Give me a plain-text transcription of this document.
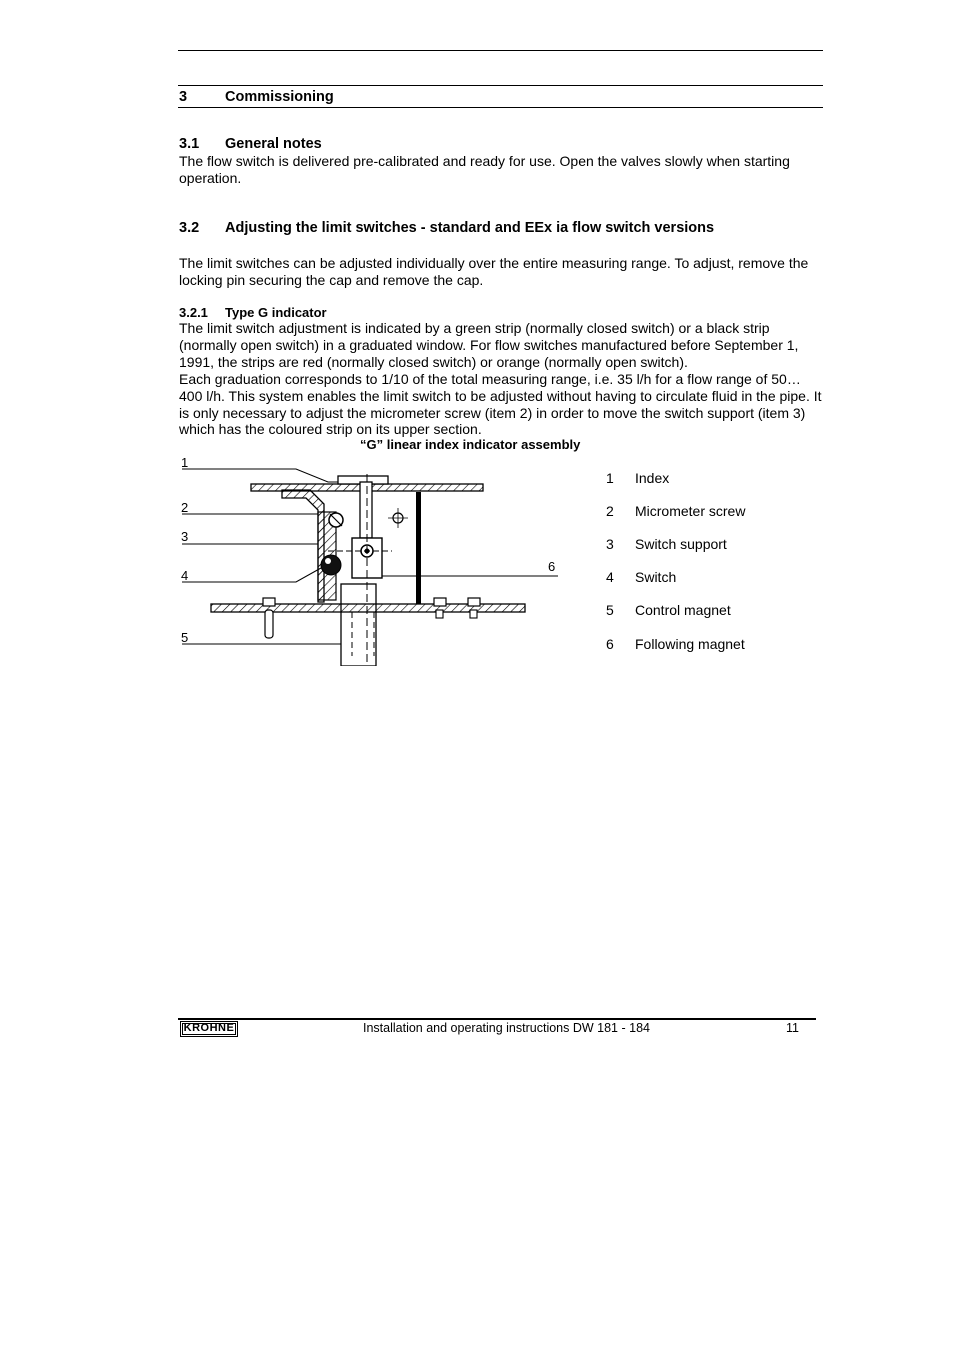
3	Commissioning
3.1 General notes
The flow switch is delivered pre-calibrated and ready for use. Open the valves slowly when starting operation.
3.2 Adjusting the limit switches - standard and EEx ia flow switch versions
The limit switches can be adjusted individually over the entire measuring range. To adjust, remove the locking pin securing the cap and remove the cap.
3.2.1 Type G indicator
The limit switch adjustment is indicated by a green strip (normally closed switch) or a black strip (normally open switch) in a graduated window. For flow switches manufactured before September 1, 1991, the strips are red (normally closed switch) or orange (normally open switch).
Each graduation corresponds to 1/10 of the total measuring range, i.e. 35 l/h for a flow range of 50…400 l/h. This system enables the limit switch to be adjusted without having to circulate fluid in the pipe. It is only necessary to adjust the micrometer screw (item 2) in order to move the switch support (item 3) which has the coloured strip on its upper section.
“G” linear index indicator assembly
1
2
3
4
5
6
1 Index
2 Micrometer screw
3 Switch support
4 Switch
5 Control magnet
6 Following magnet
KROHNE	Installation and operating instructions DW 181 - 184	11
